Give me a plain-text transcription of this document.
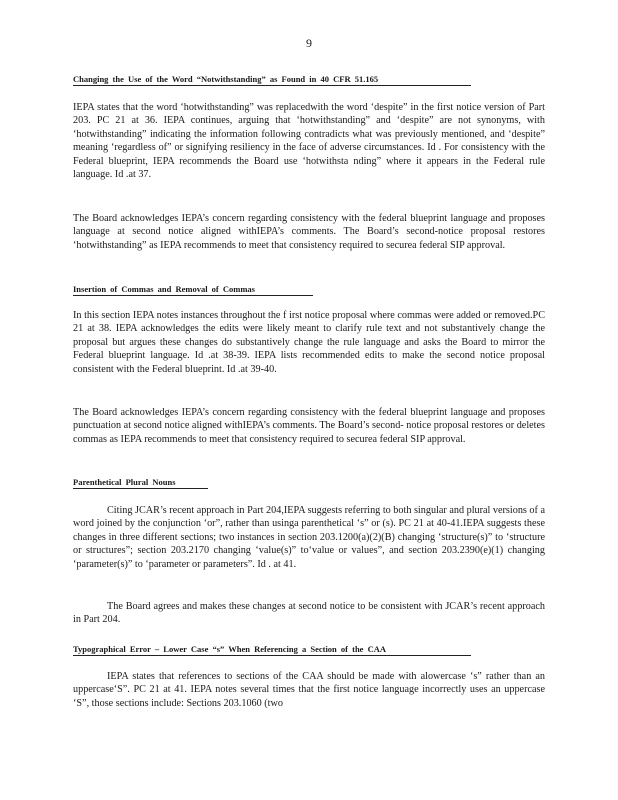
9
Changing the Use of the Word “Notwithstanding” as Found in 40 CFR 51.165

IEPA states that the word ‘hotwithstanding” was replacedwith the word ‘despite” in the first notice version of Part 203. PC 21 at 36. IEPA continues, arguing that ‘hotwithstanding” and ‘despite” are not synonyms, with ‘hotwithstanding” indicating the information following contradicts what was previously mentioned, and ‘despite” meaning ‘regardless of” or signifying resiliency in the face of adverse circumstances. Id . For consistency with the Federal blueprint, IEPA recommends the Board use ‘hotwithsta nding” where it appears in the Federal rule language. Id .at 37.

The Board acknowledges IEPA’s concern regarding consistency with the federal blueprint language and proposes language at second notice aligned withIEPA’s comments. The Board’s second-notice proposal restores ‘hotwithstanding” as IEPA recommends to meet that consistency required to securea federal SIP approval.

Insertion of Commas and Removal of Commas

In this section IEPA notes instances throughout the f irst notice proposal where commas were added or removed.PC 21 at 38. IEPA acknowledges the edits were likely meant to clarify rule text and not substantively change the proposal but argues these changes do substantively change the rule language and asks the Board to mirror the Federal blueprint language. Id .at 38-39. IEPA lists recommended edits to make the second notice proposal consistent with the Federal blueprint. Id .at 39-40.

The Board acknowledges IEPA’s concern regarding consistency with the federal blueprint language and proposes punctuation at second notice aligned withIEPA’s comments. The Board’s second- notice proposal restores or deletes commas as IEPA recommends to meet that consistency required to securea federal SIP approval.

Parenthetical Plural Nouns

Citing JCAR’s recent approach in Part 204,IEPA suggests referring to both singular and plural versions of a word joined by the conjunction ‘or”, rather than usinga parenthetical ‘s” or (s). PC 21 at 40-41.IEPA suggests these changes in three different sections; two instances in section 203.1200(a)(2)(B) changing ‘structure(s)” to ‘structure or structures”; section 203.2170 changing ‘value(s)” to‘value or values”, and section 203.2390(e)(1) changing ‘parameter(s)” to ‘parameter or parameters”. Id . at 41.

The Board agrees and makes these changes at second notice to be consistent with JCAR’s recent approach in Part 204.

Typographical Error – Lower Case “s” When Referencing a Section of the CAA

IEPA states that references to sections of the CAA should be made with alowercase ‘s” rather than an uppercase‘S”. PC 21 at 41. IEPA notes several times that the first notice language incorrectly uses an uppercase ‘S”, those sections include: Sections 203.1060 (two
